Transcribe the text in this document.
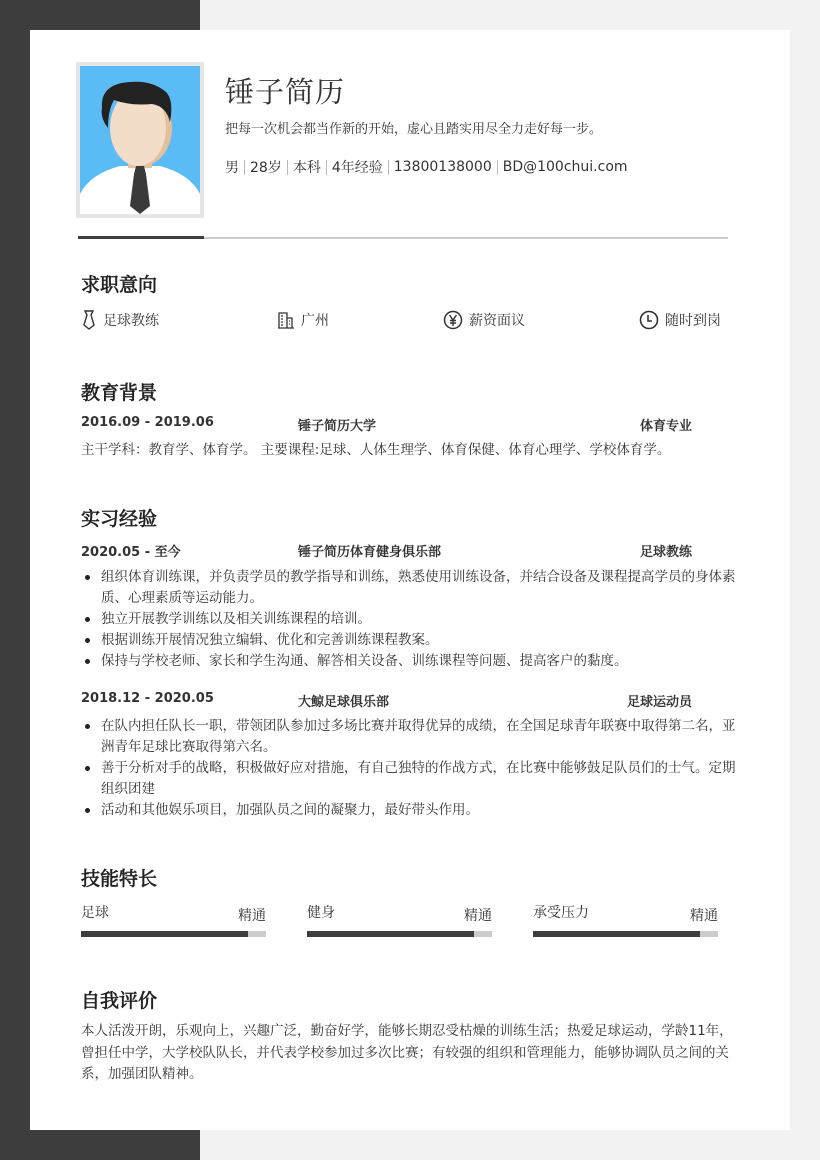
锤子简历
把每一次机会都当作新的开始，虚心且踏实用尽全力走好每一步。
男 28岁 本科 4年经验 13800138000 BD@100chui.com
求职意向
足球教练	广州	薪资面议	随时到岗
教育背景
2016.09 - 2019.06	锤子简历大学	体育专业
主干学科：教育学、体育学。 主要课程:足球、人体生理学、体育保健、体育心理学、学校体育学。
实习经验
2020.05 - 至今	锤子简历体育健身俱乐部	足球教练
组织体育训练课，并负责学员的教学指导和训练，熟悉使用训练设备，并结合设备及课程提高学员的身体素质、心理素质等运动能力。
独立开展教学训练以及相关训练课程的培训。
根据训练开展情况独立编辑、优化和完善训练课程教案。
保持与学校老师、家长和学生沟通、解答相关设备、训练课程等问题、提高客户的黏度。
2018.12 - 2020.05	大鲸足球俱乐部	足球运动员
在队内担任队长一职，带领团队参加过多场比赛并取得优异的成绩，在全国足球青年联赛中取得第二名，亚洲青年足球比赛取得第六名。
善于分析对手的战略，积极做好应对措施，有自己独特的作战方式，在比赛中能够鼓足队员们的士气。定期组织团建
活动和其他娱乐项目，加强队员之间的凝聚力，最好带头作用。
技能特长
足球	精通	健身	精通	承受压力	精通
自我评价
本人活泼开朗，乐观向上，兴趣广泛，勤奋好学，能够长期忍受枯燥的训练生活；热爱足球运动，学龄11年，曾担任中学，大学校队队长，并代表学校参加过多次比赛；有较强的组织和管理能力，能够协调队员之间的关系，加强团队精神。
